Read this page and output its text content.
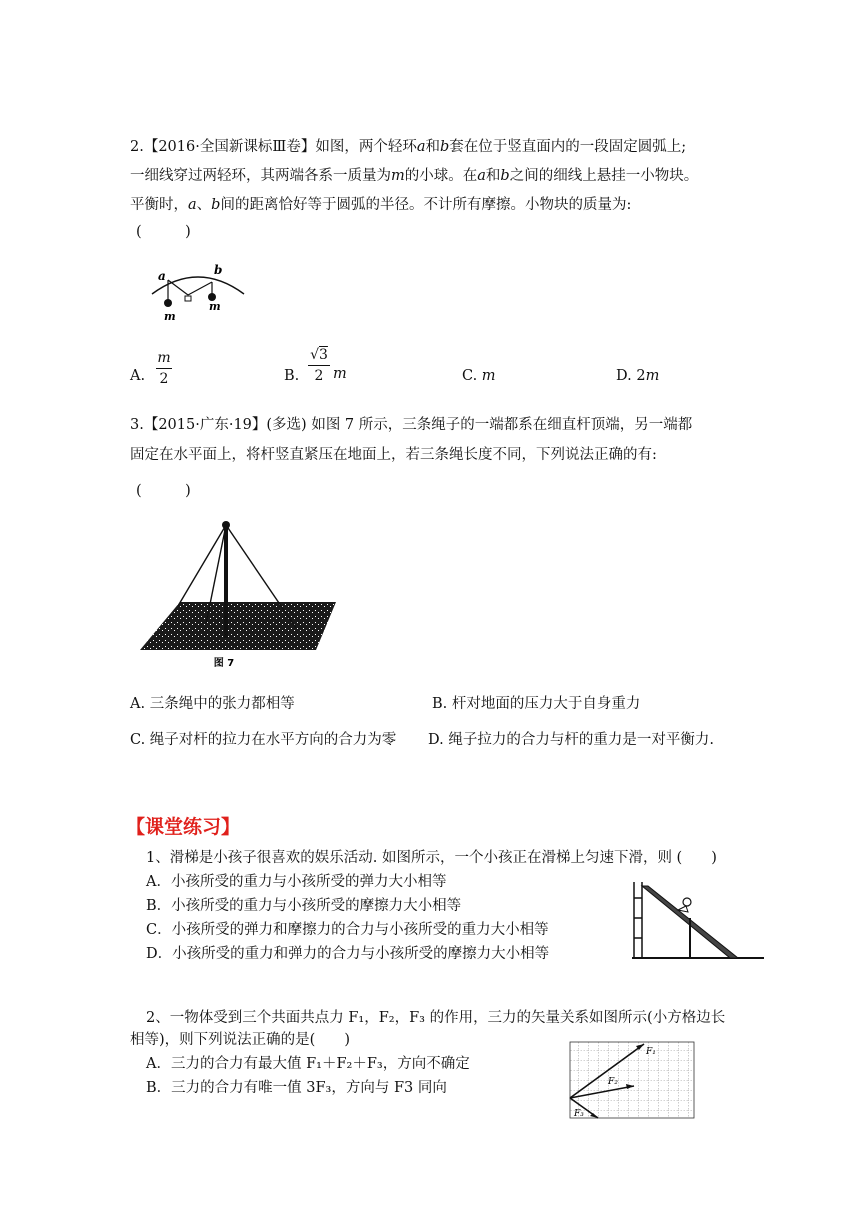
2.【2016·全国新课标Ⅲ卷】如图，两个轻环a和b套在位于竖直面内的一段固定圆弧上;
一细线穿过两轻环，其两端各系一质量为m的小球。在a和b之间的细线上悬挂一小物块。
平衡时，a、b间的距离恰好等于圆弧的半径。不计所有摩擦。小物块的质量为:
(　　　)
a	b
m
m
A.
m
2	B.
√3
2 m	C. m	D. 2m
3.【2015·广东·19】(多选) 如图 7 所示，三条绳子的一端都系在细直杆顶端，另一端都
固定在水平面上，将杆竖直紧压在地面上，若三条绳长度不同，下列说法正确的有:
(　　　)
图 7
A. 三条绳中的张力都相等	B. 杆对地面的压力大于自身重力
C. 绳子对杆的拉力在水平方向的合力为零 D. 绳子拉力的合力与杆的重力是一对平衡力.
【课堂练习】
1、滑梯是小孩子很喜欢的娱乐活动. 如图所示，一个小孩正在滑梯上匀速下滑，则 (　　)
A．小孩所受的重力与小孩所受的弹力大小相等
B．小孩所受的重力与小孩所受的摩擦力大小相等
C．小孩所受的弹力和摩擦力的合力与小孩所受的重力大小相等
D．小孩所受的重力和弹力的合力与小孩所受的摩擦力大小相等
2、一物体受到三个共面共点力 F₁，F₂，F₃ 的作用，三力的矢量关系如图所示(小方格边长
相等)，则下列说法正确的是(　　)
A．三力的合力有最大值 F₁＋F₂＋F₃，方向不确定
B．三力的合力有唯一值 3F₃，方向与 F3 同向
F₁
F₂
F₃
